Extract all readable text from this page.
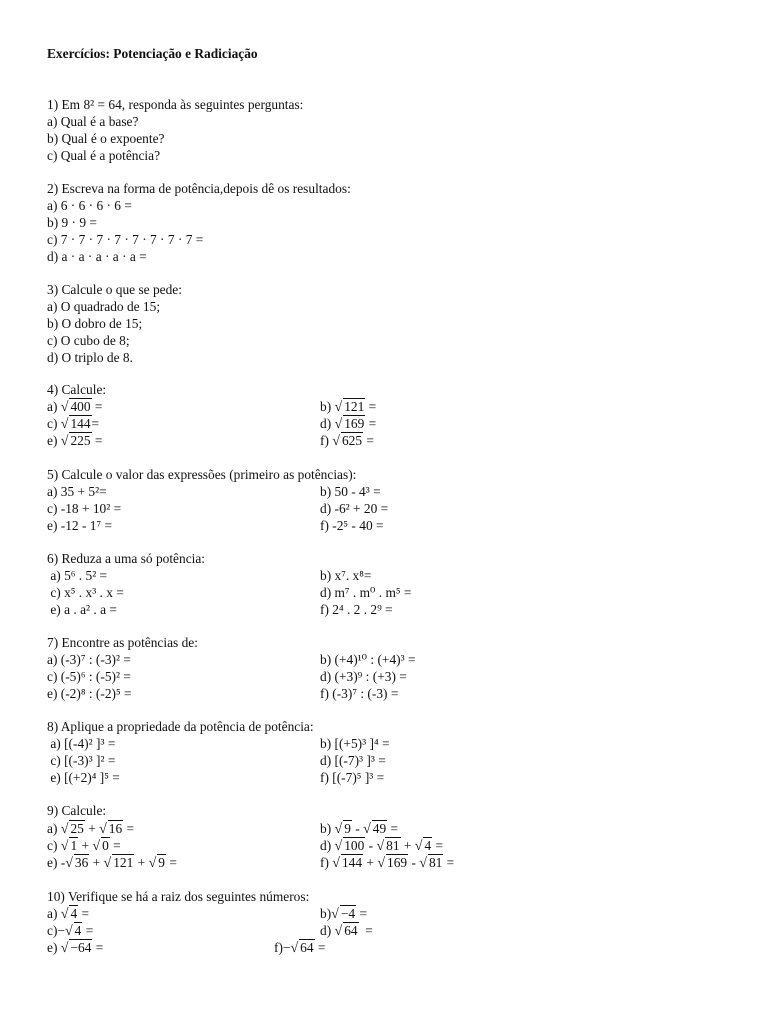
Exercícios: Potenciação e Radiciação
1) Em 8² = 64, responda às seguintes perguntas:
a) Qual é a base?
b) Qual é o expoente?
c) Qual é a potência?
2) Escreva na forma de potência,depois dê os resultados:
a) 6 · 6 · 6 · 6 =
b) 9 · 9 =
c) 7 · 7 · 7 · 7 · 7 · 7 · 7 · 7 =
d) a · a · a · a · a =
3) Calcule o que se pede:
a) O quadrado de 15;
b) O dobro de 15;
c) O cubo de 8;
d) O triplo de 8.
4) Calcule:
a) √ 400 =	b) √ 121 =
c) √ 144=	d) √ 169 =
e) √ 225 =	f) √ 625 =
5) Calcule o valor das expressões (primeiro as potências):
a) 35 + 5²=	b) 50 - 4³ =
c) -18 + 10² =	d) -6² + 20 =
e) -12 - 1⁷ =	f) -2⁵ - 40 =
6) Reduza a uma só potência:
a) 5⁶ . 5² =	b) x⁷. x⁸=
c) x⁵ . x³ . x =	d) m⁷ . m⁰ . m⁵ =
e) a . a² . a =	f) 2⁴ . 2 . 2⁹ =
7) Encontre as potências de:
a) (-3)⁷ : (-3)² =	b) (+4)¹⁰ : (+4)³ =
c) (-5)⁶ : (-5)² =	d) (+3)⁹ : (+3) =
e) (-2)⁸ : (-2)⁵ =	f) (-3)⁷ : (-3) =
8) Aplique a propriedade da potência de potência:
a) [(-4)² ]³ =	b) [(+5)³ ]⁴ =
c) [(-3)³ ]² =	d) [(-7)³ ]³ =
e) [(+2)⁴ ]⁵ =	f) [(-7)⁵ ]³ =
9) Calcule:
a) √ 25 + √ 16 =	b) √ 9 - √ 49 =
c) √ 1 + √ 0 =	d) √ 100 - √ 81 + √ 4 =
e) -√ 36 + √ 121 + √ 9 =	f) √ 144 + √ 169 - √ 81 =
10) Verifique se há a raiz dos seguintes números:
a) √ 4 =	b)√ −4 =
c)−√ 4 =	d) √ 64  =
e) √ −64 =	f)−√ 64 =
